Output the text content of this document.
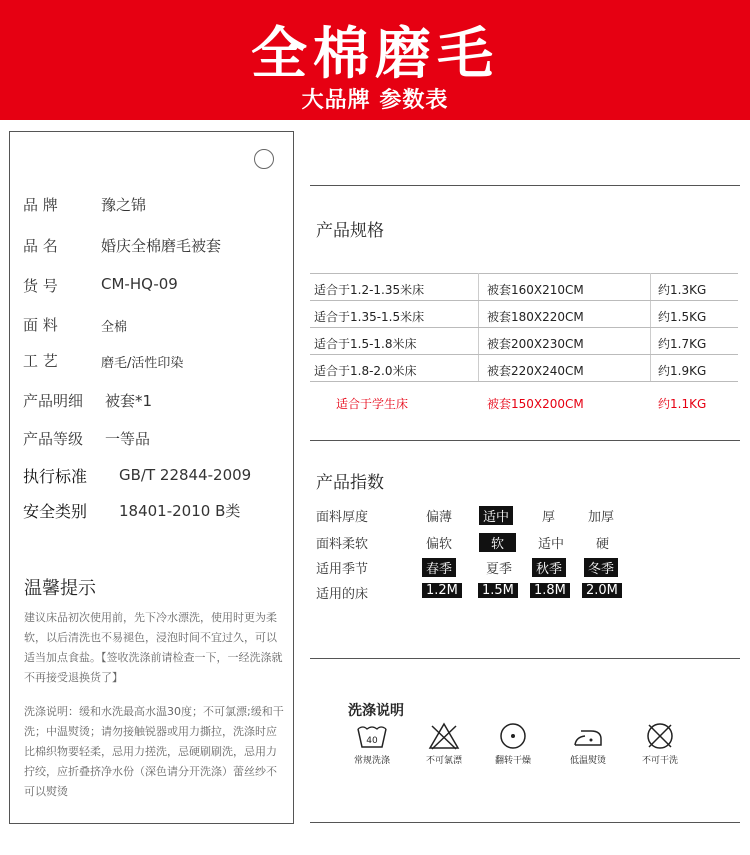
全棉磨毛
大品牌 参数表
品 牌	豫之锦
品 名	婚庆全棉磨毛被套
货 号	CM-HQ-09
面 料	全棉
工 艺	磨毛/活性印染
产品明细 被套*1
产品等级 一等品
执行标准 GB/T 22844-2009
安全类别 18401-2010 B类
温馨提示
建议床品初次使用前，先下冷水漂洗，使用时更为柔软，以后清洗也不易褪色，浸泡时间不宜过久，可以适当加点食盐。【签收洗涤前请检查一下，一经洗涤就不再接受退换货了】
洗涤说明：缓和水洗最高水温30度；不可氯漂;缓和干洗；中温熨烫；请勿接触锐器或用力撕拉，洗涤时应比棉织物要轻柔，忌用力搓洗，忌硬刷刷洗，忌用力拧绞，应折叠挤净水份（深色请分开洗涤）蕾丝纱不可以熨烫
产品规格
适合于1.2-1.35米床	被套160X210CM	约1.3KG
适合于1.35-1.5米床	被套180X220CM	约1.5KG
适合于1.5-1.8米床	被套200X230CM	约1.7KG
适合于1.8-2.0米床	被套220X240CM	约1.9KG
适合于学生床	被套150X200CM	约1.1KG
产品指数
面料厚度	偏薄	适中	厚	加厚
面料柔软	偏软	软	适中	硬
适用季节	春季	夏季	秋季	冬季
适用的床	1.2M	1.5M	1.8M	2.0M
洗涤说明
40
常规洗涤	不可氯漂	翻转干燥	低温熨烫	不可干洗
